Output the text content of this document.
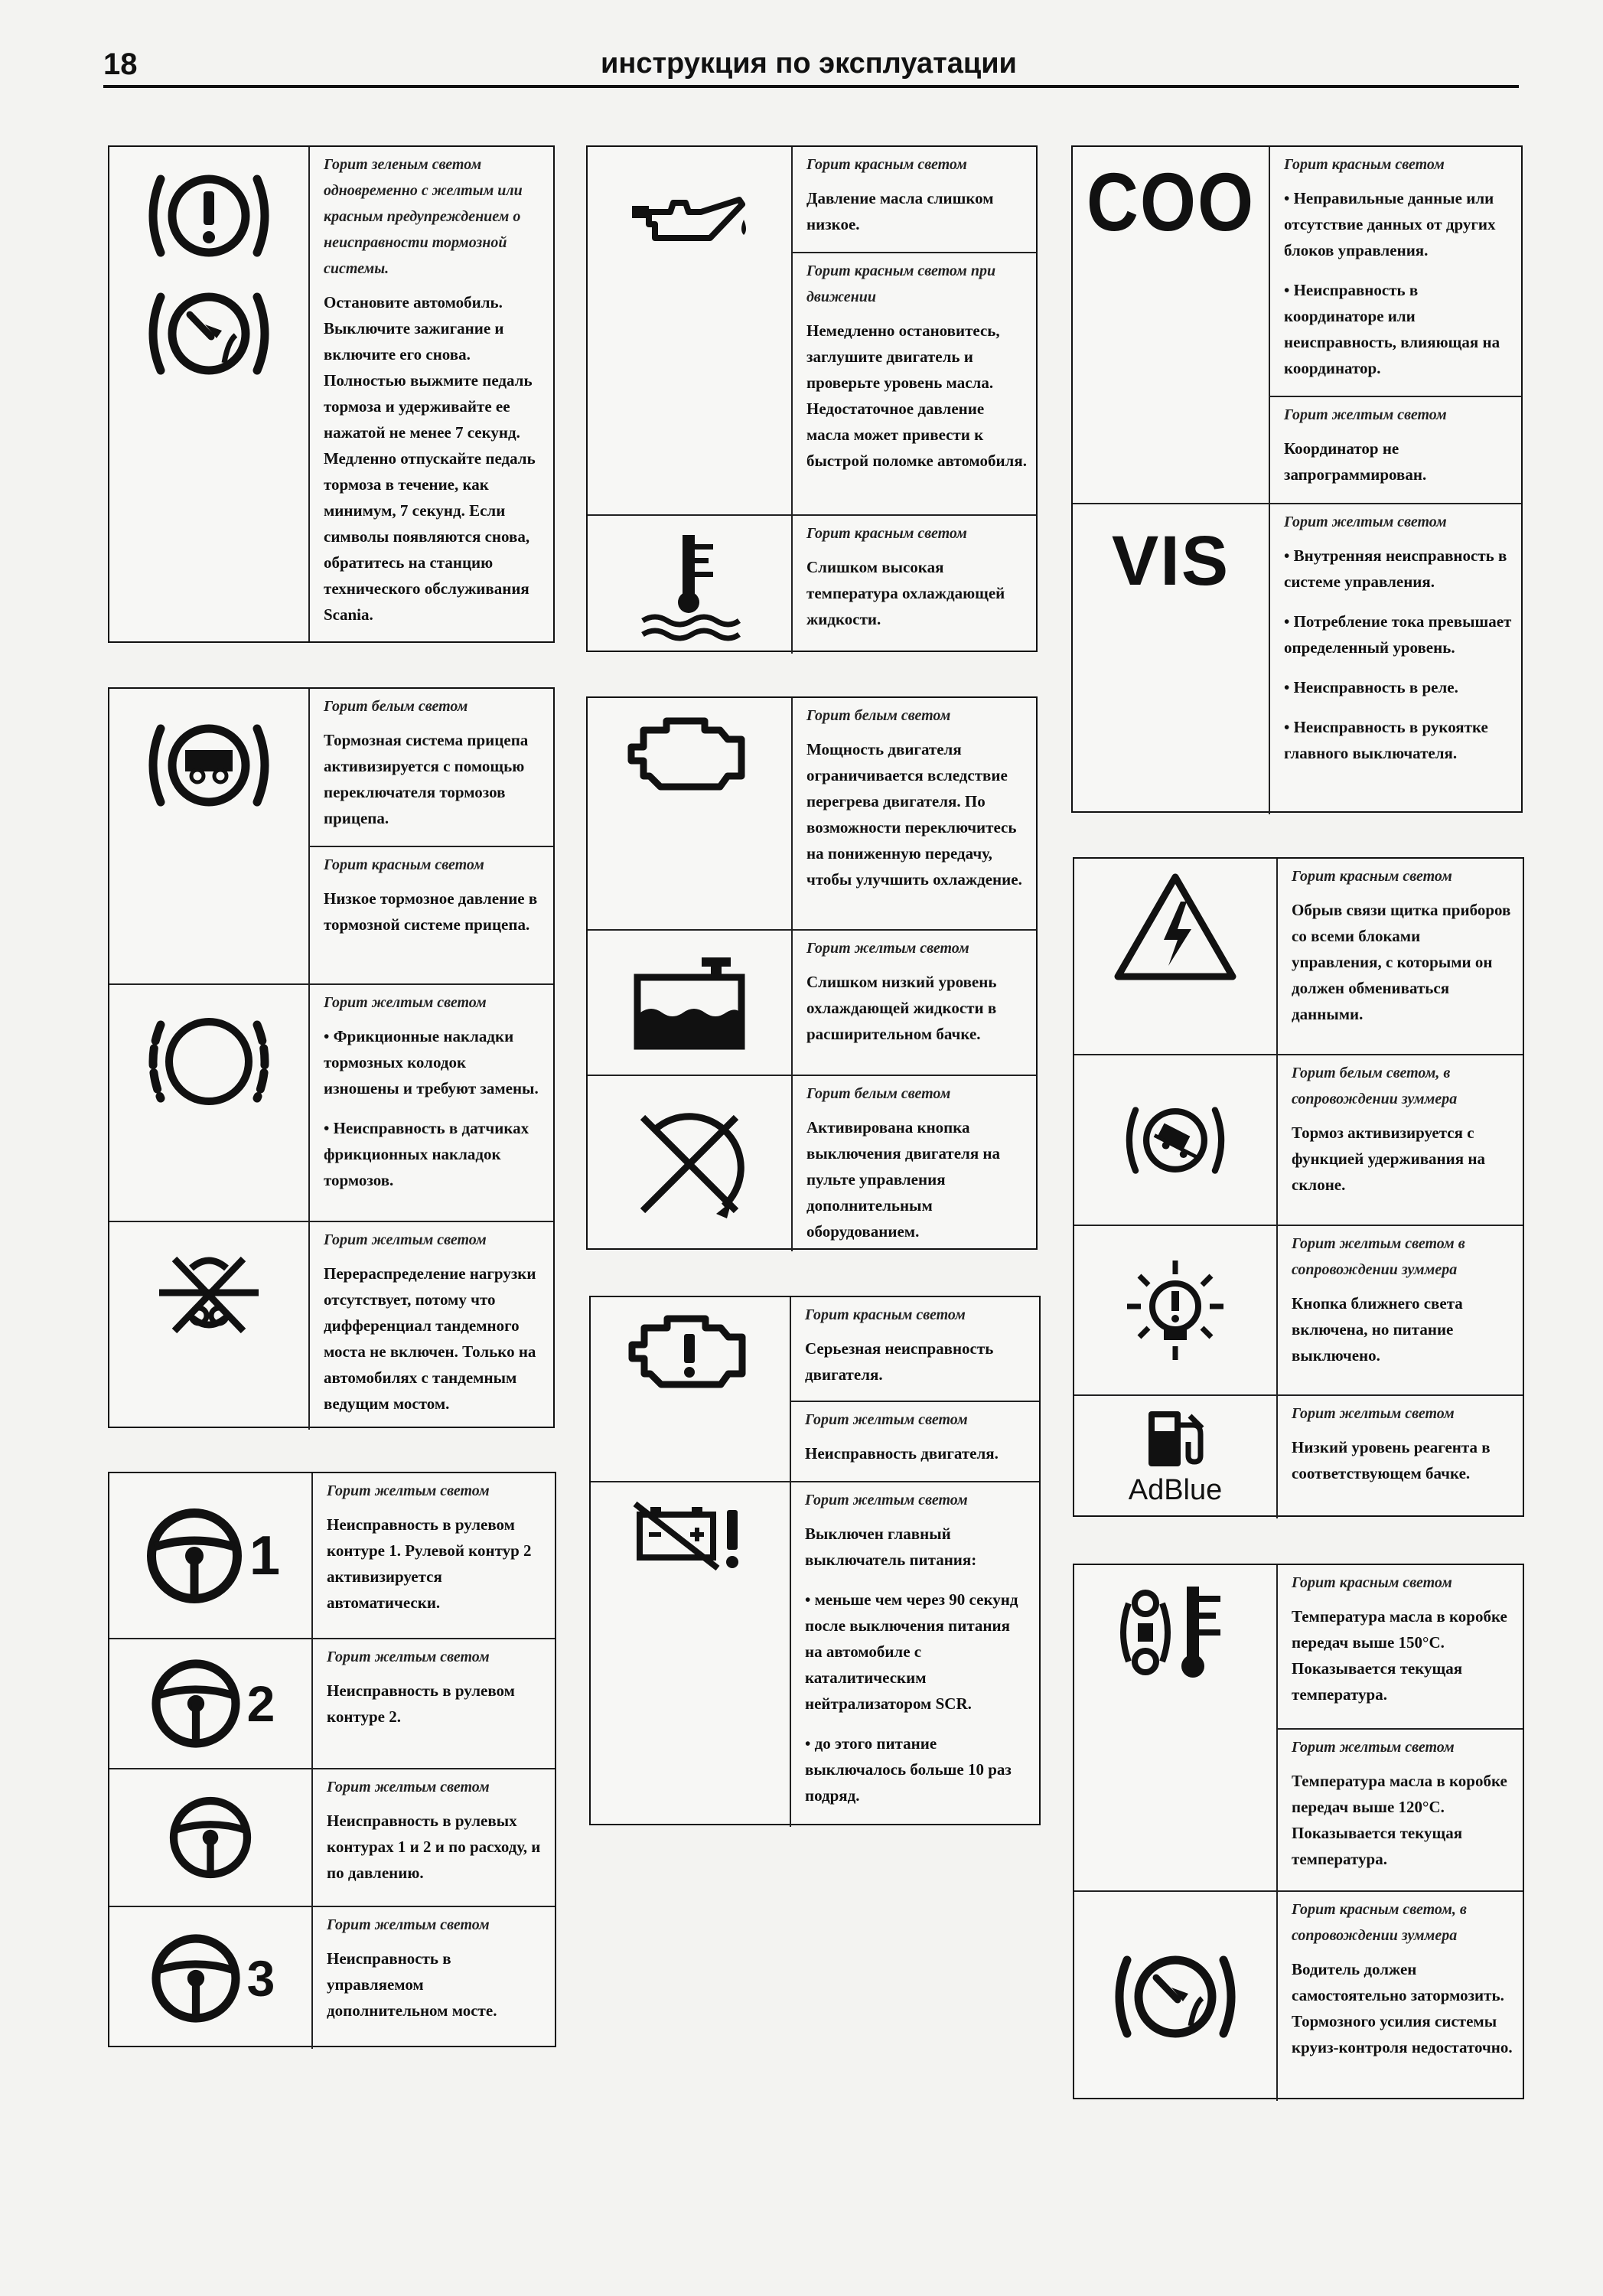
18	инструкция по эксплуатации
Горит зеленым светом одновременно с желтым или красным предупреждением о неисправности тормозной системы.
Остановите автомобиль. Выключите зажигание и включите его снова. Полностью выжмите педаль тормоза и удерживайте ее нажатой не менее 7 секунд. Медленно отпускайте педаль тормоза в течение, как минимум, 7 секунд. Если символы появляются снова, обратитесь на станцию технического обслуживания Scania.
Горит белым светом
Тормозная система прицепа активизируется с помощью переключателя тормозов прицепа.
Горит красным светом
Низкое тормозное давление в тормозной системе прицепа.
Горит желтым светом

• Фрикционные накладки тормозных колодок изношены и требуют замены.

• Неисправность в датчиках фрикционных накладок тормозов.

Горит желтым светом
Перераспределение нагрузки отсутствует, потому что дифференциал тандемного моста не включен. Только на автомобилях с тандемным ведущим мостом.
1
Горит желтым светом
Неисправность в рулевом контуре 1. Рулевой контур 2 активизируется автоматически.
2
Горит желтым светом
Неисправность в рулевом контуре 2.
Горит желтым светом
Неисправность в рулевых контурах 1 и 2 и по расходу, и по давлению.
3
Горит желтым светом
Неисправность в управляемом дополнительном мосте.
Горит красным светом
Давление масла слишком низкое.
Горит красным светом при движении
Немедленно остановитесь, заглушите двигатель и проверьте уровень масла. Недостаточное давление масла может привести к быстрой поломке автомобиля.
Горит красным светом
Слишком высокая температура охлаждающей жидкости.
Горит белым светом
Мощность двигателя ограничивается вследствие перегрева двигателя. По возможности переключитесь на пониженную передачу, чтобы улучшить охлаждение.
Горит желтым светом
Слишком низкий уровень охлаждающей жидкости в расширительном бачке.
Горит белым светом
Активирована кнопка выключения двигателя на пульте управления дополнительным оборудованием.
Горит красным светом
Серьезная неисправность двигателя.
Горит желтым светом
Неисправность двигателя.
Горит желтым светом

Выключен главный выключатель питания:

• меньше чем через 90 секунд после выключения питания на автомобиле с каталитическим нейтрализатором SCR.

• до этого питание выключалось больше 10 раз подряд.

COO Горит красным светом

• Неправильные данные или отсутствие данных от других блоков управления.

• Неисправность в координаторе или неисправность, влияющая на координатор.

Горит желтым светом
Координатор не запрограммирован.
VIS	Горит желтым светом

• Внутренняя неисправность в системе управления.

• Потребление тока превышает определенный уровень.

• Неисправность в реле.

• Неисправность в рукоятке главного выключателя.

Горит красным светом
Обрыв связи щитка приборов со всеми блоками управления, с которыми он должен обмениваться данными.
Горит белым светом, в сопровождении зуммера
Тормоз активизируется с функцией удерживания на склоне.
Горит желтым светом в сопровождении зуммера
Кнопка ближнего света включена, но питание выключено.
AdBlue
Горит желтым светом
Низкий уровень реагента в соответствующем бачке.
Горит красным светом
Температура масла в коробке передач выше 150°C. Показывается текущая температура.
Горит желтым светом
Температура масла в коробке передач выше 120°C. Показывается текущая температура.
Горит красным светом, в сопровождении зуммера
Водитель должен самостоятельно затормозить. Тормозного усилия системы круиз-контроля недостаточно.
